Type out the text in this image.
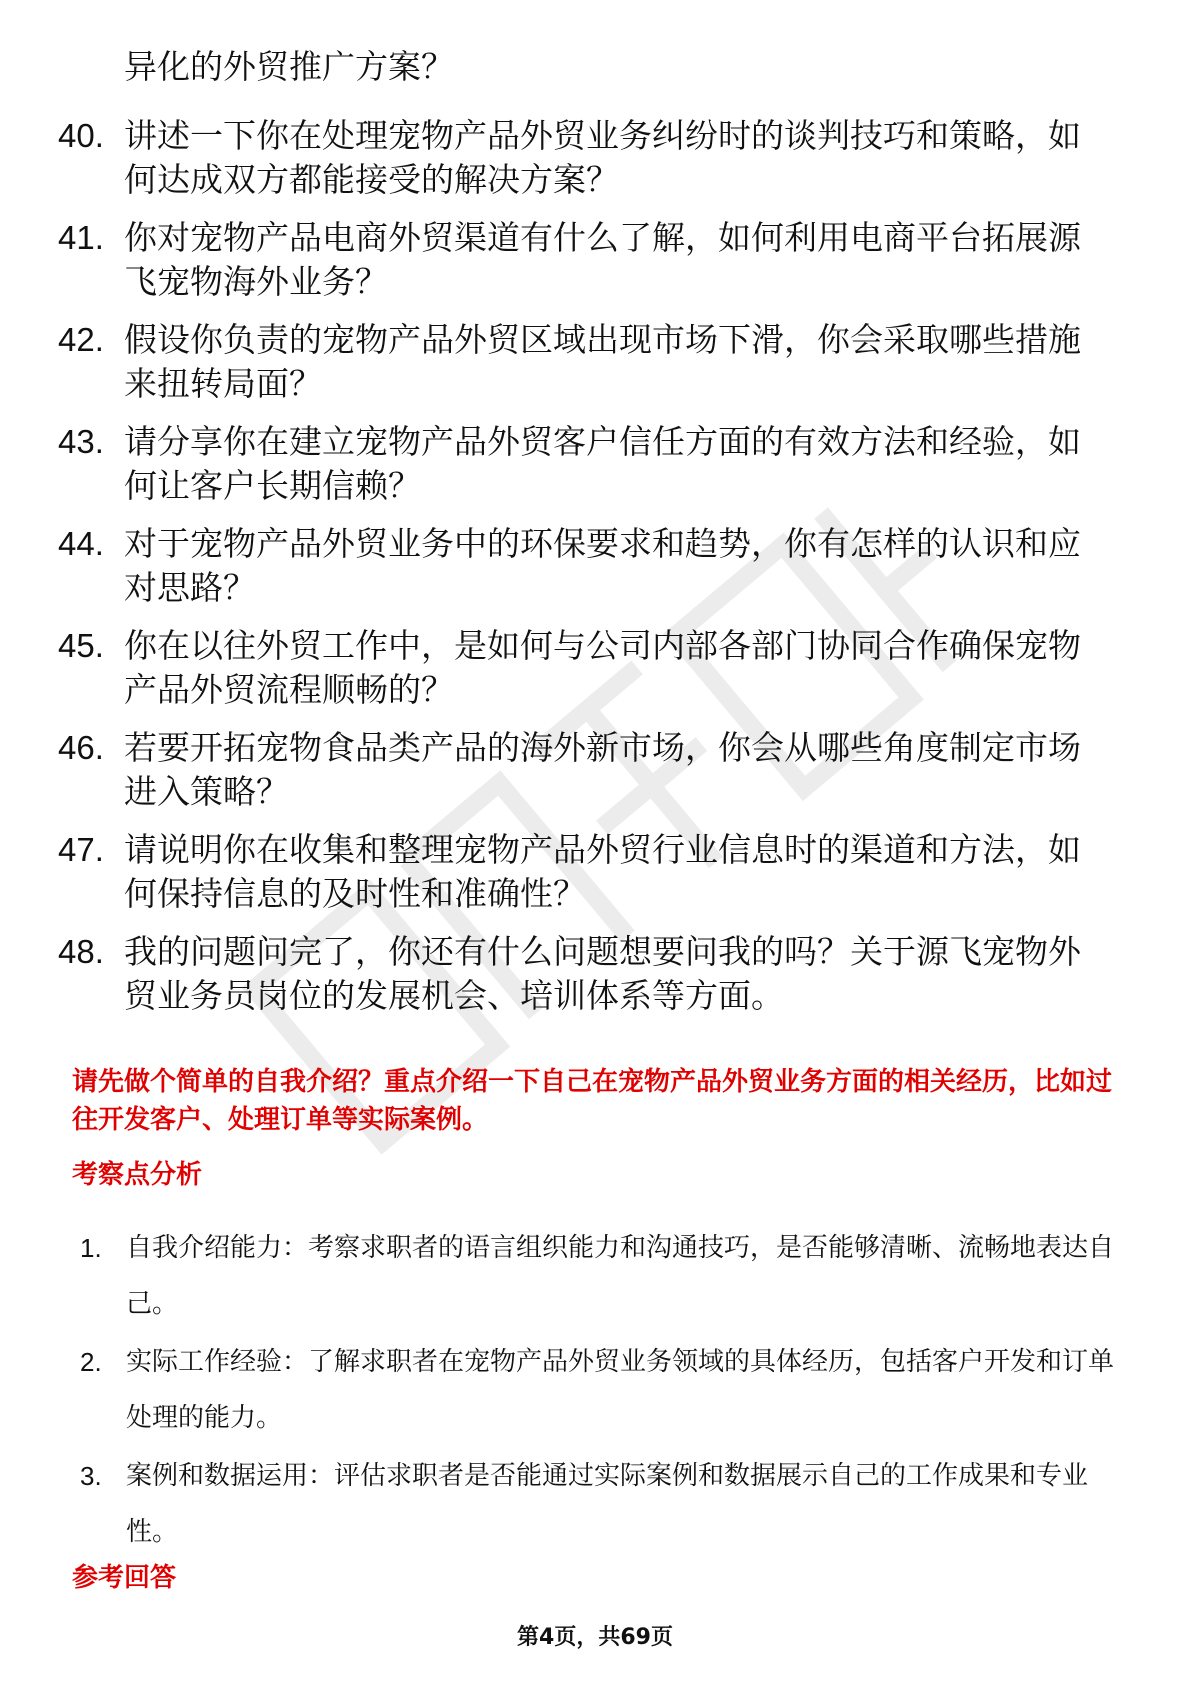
异化的外贸推广方案？
40. 讲述一下你在处理宠物产品外贸业务纠纷时的谈判技巧和策略，如何达成双方都能接受的解决方案？
41. 你对宠物产品电商外贸渠道有什么了解，如何利用电商平台拓展源飞宠物海外业务？
42. 假设你负责的宠物产品外贸区域出现市场下滑，你会采取哪些措施来扭转局面？
43. 请分享你在建立宠物产品外贸客户信任方面的有效方法和经验，如何让客户长期信赖？
44. 对于宠物产品外贸业务中的环保要求和趋势，你有怎样的认识和应对思路？
45. 你在以往外贸工作中，是如何与公司内部各部门协同合作确保宠物产品外贸流程顺畅的？
46. 若要开拓宠物食品类产品的海外新市场，你会从哪些角度制定市场进入策略？
47. 请说明你在收集和整理宠物产品外贸行业信息时的渠道和方法，如何保持信息的及时性和准确性？
48. 我的问题问完了，你还有什么问题想要问我的吗？关于源飞宠物外贸业务员岗位的发展机会、培训体系等方面。
请先做个简单的自我介绍？重点介绍一下自己在宠物产品外贸业务方面的相关经历，比如过往开发客户、处理订单等实际案例。
考察点分析
1. 自我介绍能力：考察求职者的语言组织能力和沟通技巧，是否能够清晰、流畅地表达自己。
2. 实际工作经验：了解求职者在宠物产品外贸业务领域的具体经历，包括客户开发和订单处理的能力。
3. 案例和数据运用：评估求职者是否能通过实际案例和数据展示自己的工作成果和专业性。
参考回答
第4页，共69页
